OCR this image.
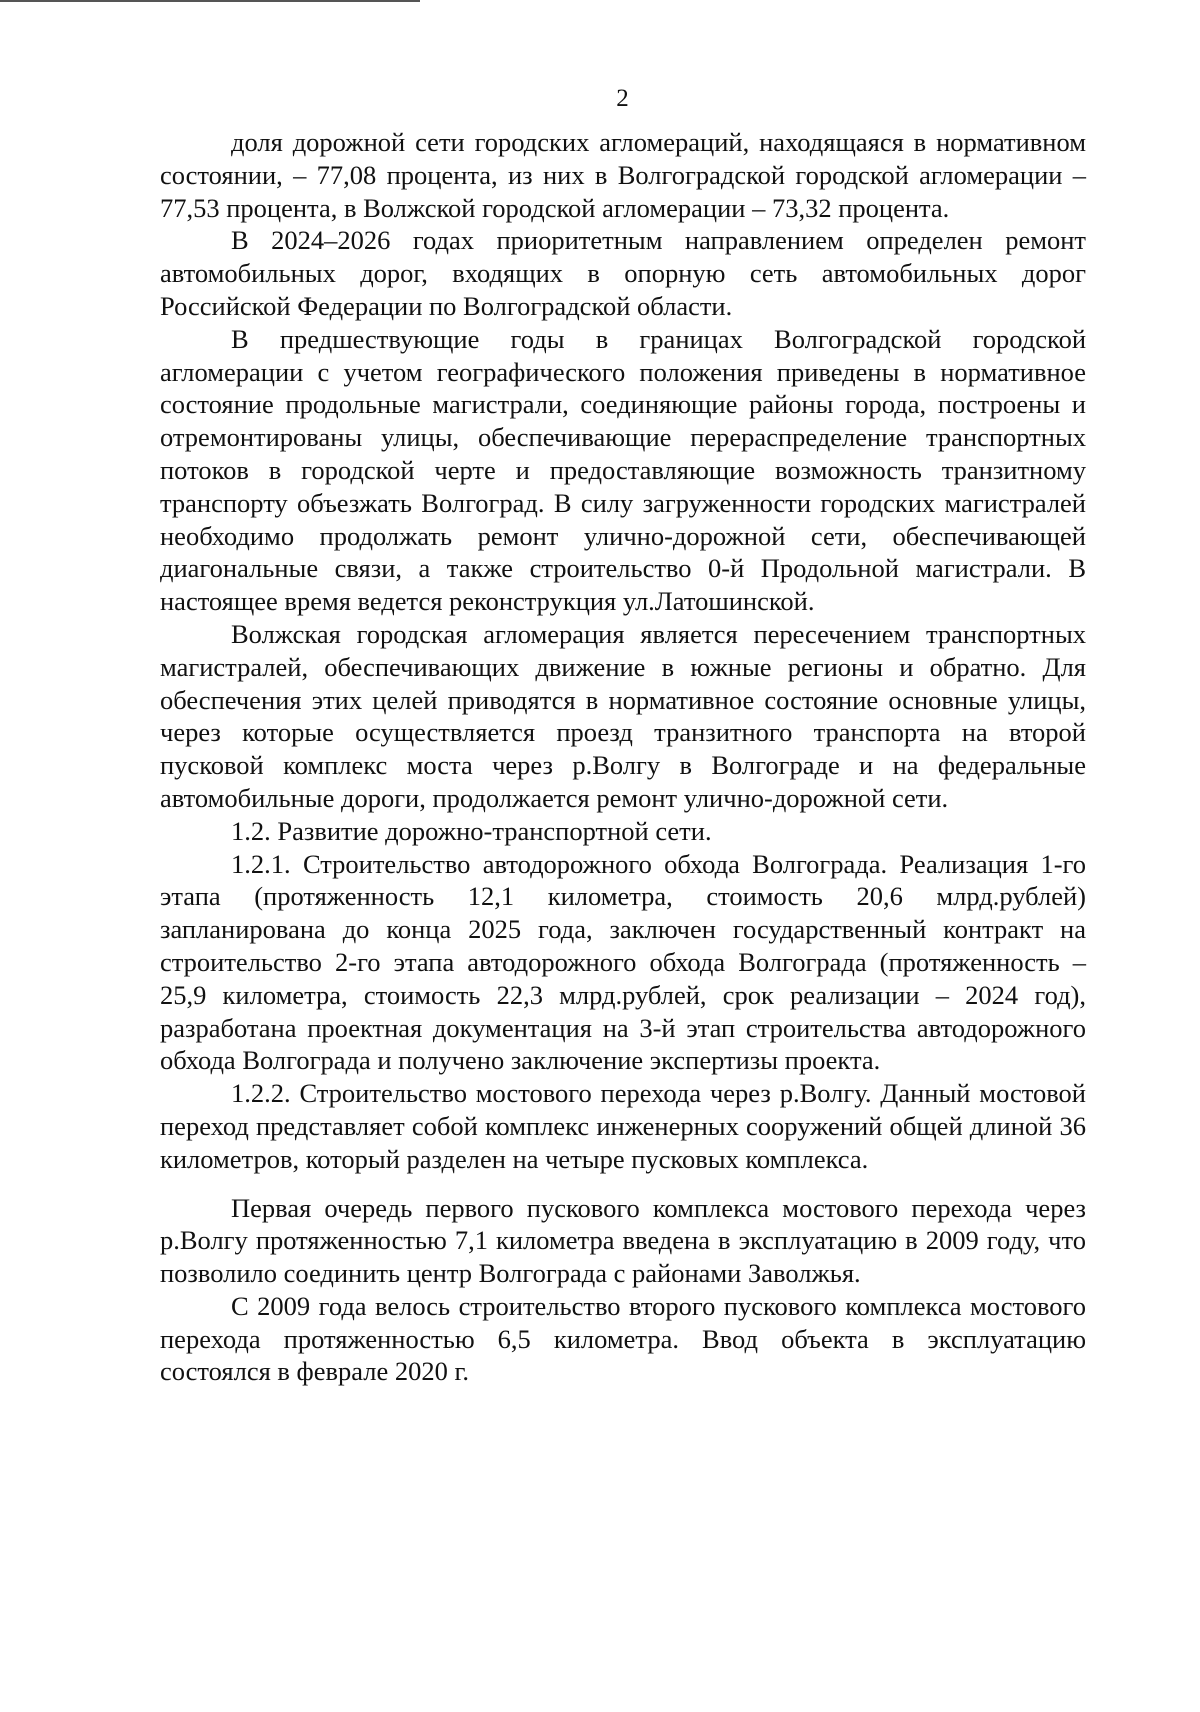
2

доля дорожной сети городских агломераций, находящаяся в нормативном состоянии, – 77,08 процента, из них в Волгоградской городской агломерации – 77,53 процента, в Волжской городской агломерации – 73,32 процента.

В 2024–2026 годах приоритетным направлением определен ремонт автомобильных дорог, входящих в опорную сеть автомобильных дорог Российской Федерации по Волгоградской области.

В предшествующие годы в границах Волгоградской городской агломерации с учетом географического положения приведены в нормативное состояние продольные магистрали, соединяющие районы города, построены и отремонтированы улицы, обеспечивающие перераспределение транспортных потоков в городской черте и предоставляющие возможность транзитному транспорту объезжать Волгоград. В силу загруженности городских магистралей необходимо продолжать ремонт улично-дорожной сети, обеспечивающей диагональные связи, а также строительство 0-й Продольной магистрали. В настоящее время ведется реконструкция ул.Латошинской.

Волжская городская агломерация является пересечением транспортных магистралей, обеспечивающих движение в южные регионы и обратно. Для обеспечения этих целей приводятся в нормативное состояние основные улицы, через которые осуществляется проезд транзитного транспорта на второй пусковой комплекс моста через р.Волгу в Волгограде и на федеральные автомобильные дороги, продолжается ремонт улично-дорожной сети.

1.2. Развитие дорожно-транспортной сети.

1.2.1. Строительство автодорожного обхода Волгограда. Реализация 1-го этапа (протяженность 12,1 километра, стоимость 20,6 млрд.рублей) запланирована до конца 2025 года, заключен государственный контракт на строительство 2-го этапа автодорожного обхода Волгограда (протяженность – 25,9 километра, стоимость 22,3 млрд.рублей, срок реализации – 2024 год), разработана проектная документация на 3-й этап строительства автодорожного обхода Волгограда и получено заключение экспертизы проекта.

1.2.2. Строительство мостового перехода через р.Волгу. Данный мостовой переход представляет собой комплекс инженерных сооружений общей длиной 36 километров, который разделен на четыре пусковых комплекса.

Первая очередь первого пускового комплекса мостового перехода через р.Волгу протяженностью 7,1 километра введена в эксплуатацию в 2009 году, что позволило соединить центр Волгограда с районами Заволжья.

С 2009 года велось строительство второго пускового комплекса мостового перехода протяженностью 6,5 километра. Ввод объекта в эксплуатацию состоялся в феврале 2020 г.
